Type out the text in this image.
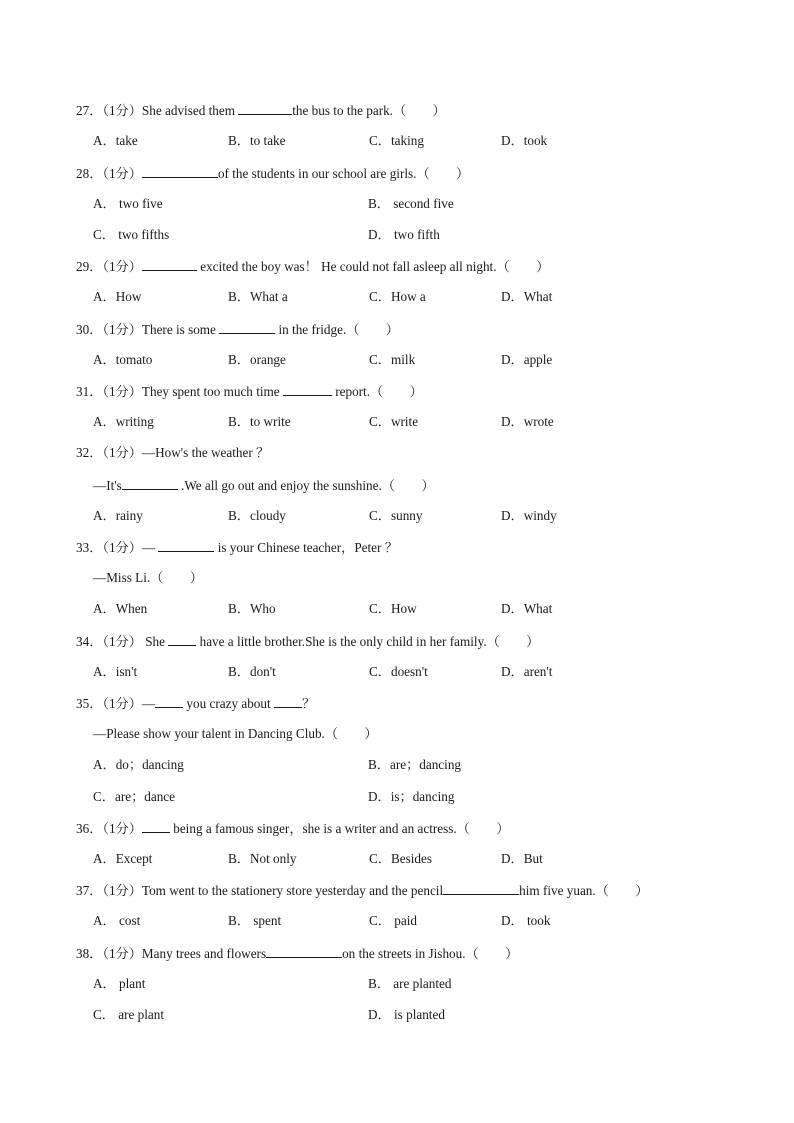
27．（1分）She advised them	the bus to the park.（　　）
A．take	B．to take	C．taking	D．took
28．（1分）	of the students in our school are girls.（　　）
A． two five	B． second five
C． two fifths	D． two fifth
29．（1分）	excited the boy was！ He could not fall asleep all night.（　　）
A．How	B．What a	C．How a	D．What
30．（1分）There is some	in the fridge.（　　）
A．tomato	B．orange	C．milk	D．apple
31．（1分）They spent too much time	report.（　　）
A．writing	B．to write	C．write	D．wrote
32．（1分）—How's the weather ？
—It's	.We all go out and enjoy the sunshine.（　　）
A．rainy	B．cloudy	C．sunny	D．windy
33．（1分）—	is your Chinese teacher，Peter ？
—Miss Li.（　　）
A．When	B．Who	C．How	D．What
34．（1分） She  have a little brother.She is the only child in her family.（　　）
A．isn't	B．don't	C．doesn't	D．aren't
35．（1分）— you crazy about ？
—Please show your talent in Dancing Club.（　　）
A．do；dancing	B．are；dancing
C．are；dance	D．is；dancing
36．（1分） being a famous singer，she is a writer and an actress.（　　）
A．Except	B．Not only	C．Besides	D．But
37．（1分）Tom went to the stationery store yesterday and the pencil	him five yuan.（　　）
A． cost	B． spent	C． paid	D． took
38．（1分）Many trees and flowers	on the streets in Jishou.（　　）
A． plant	B． are planted
C． are plant	D． is planted
